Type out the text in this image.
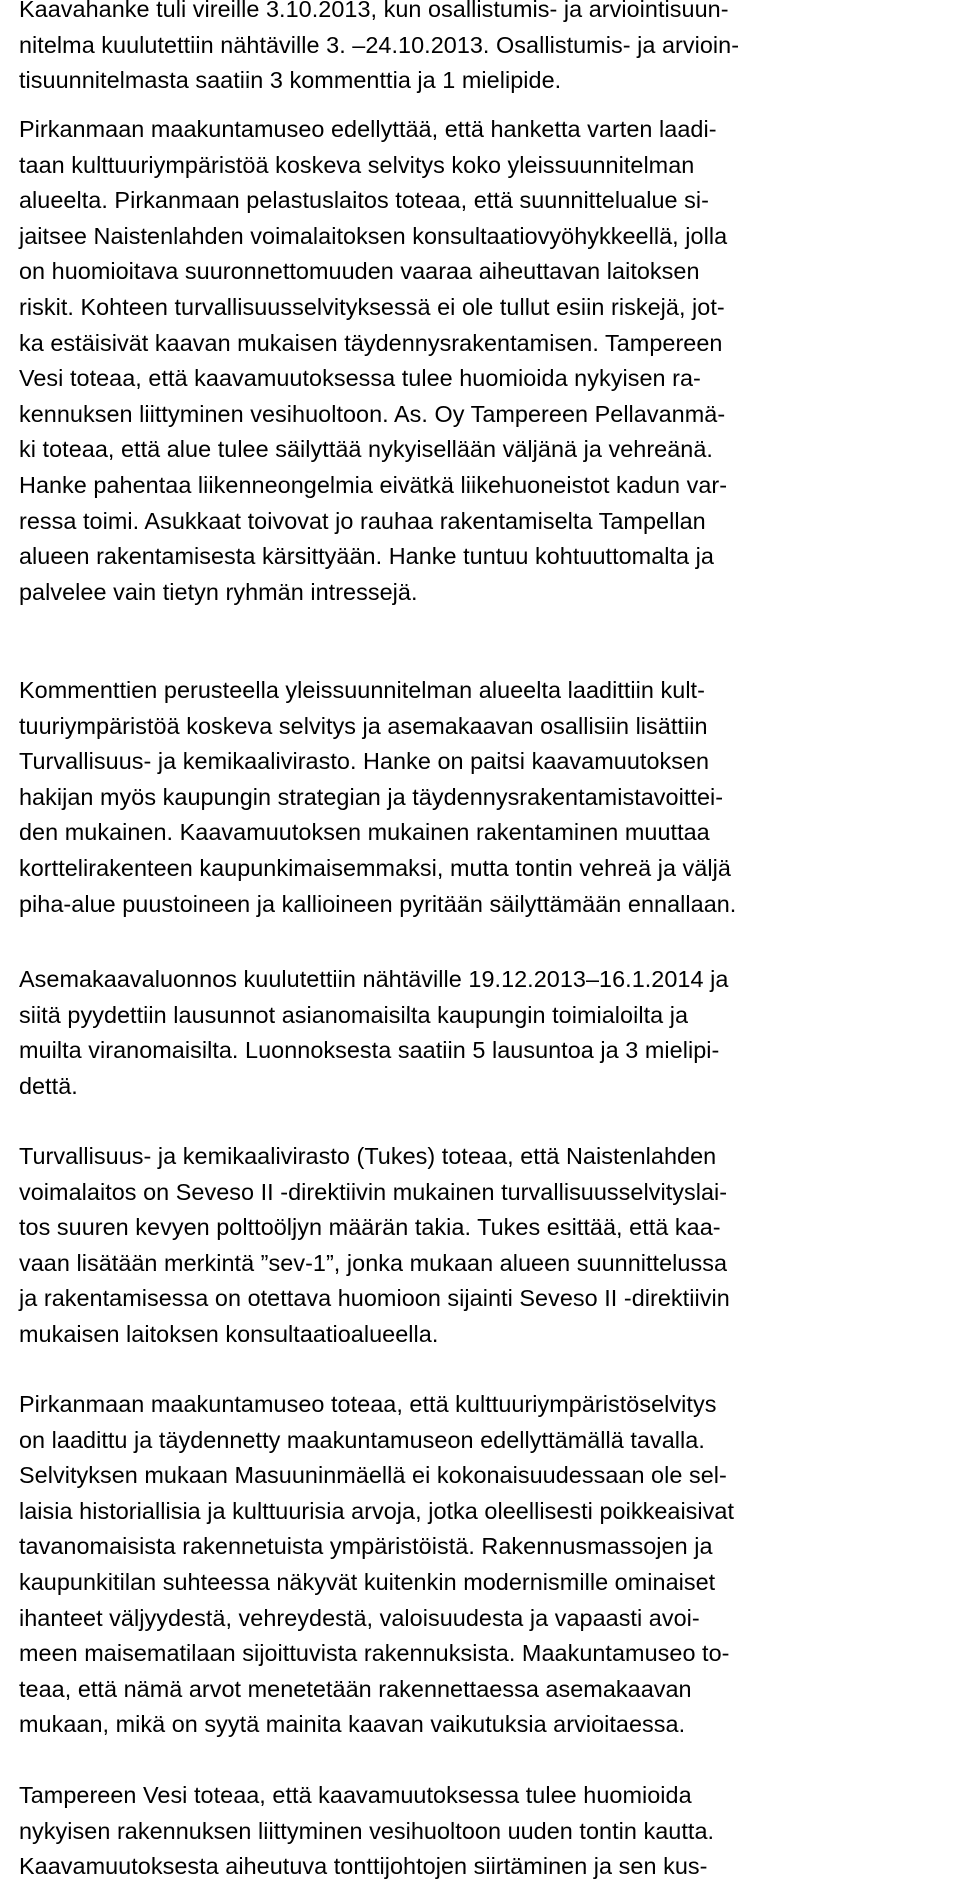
Kaavahanke tuli vireille 3.10.2013, kun osallistumis- ja arviointisuun-
nitelma kuulutettiin nähtäville 3. –24.10.2013. Osallistumis- ja arvioin-
tisuunnitelmasta saatiin 3 kommenttia ja 1 mielipide.

Pirkanmaan maakuntamuseo edellyttää, että hanketta varten laadi-
taan kulttuuriympäristöä koskeva selvitys koko yleissuunnitelman
alueelta. Pirkanmaan pelastuslaitos toteaa, että suunnittelualue si-
jaitsee Naistenlahden voimalaitoksen konsultaatiovyöhykkeellä, jolla
on huomioitava suuronnettomuuden vaaraa aiheuttavan laitoksen
riskit. Kohteen turvallisuusselvityksessä ei ole tullut esiin riskejä, jot-
ka estäisivät kaavan mukaisen täydennysrakentamisen. Tampereen
Vesi toteaa, että kaavamuutoksessa tulee huomioida nykyisen ra-
kennuksen liittyminen vesihuoltoon. As. Oy Tampereen Pellavanmä-
ki toteaa, että alue tulee säilyttää nykyisellään väljänä ja vehreänä.
Hanke pahentaa liikenneongelmia eivätkä liikehuoneistot kadun var-
ressa toimi. Asukkaat toivovat jo rauhaa rakentamiselta Tampellan
alueen rakentamisesta kärsittyään. Hanke tuntuu kohtuuttomalta ja
palvelee vain tietyn ryhmän intressejä.

Kommenttien perusteella yleissuunnitelman alueelta laadittiin kult-
tuuriympäristöä koskeva selvitys ja asemakaavan osallisiin lisättiin
Turvallisuus- ja kemikaalivirasto. Hanke on paitsi kaavamuutoksen
hakijan myös kaupungin strategian ja täydennysrakentamistavoittei-
den mukainen. Kaavamuutoksen mukainen rakentaminen muuttaa
korttelirakenteen kaupunkimaisemmaksi, mutta tontin vehreä ja väljä
piha-alue puustoineen ja kallioineen pyritään säilyttämään ennallaan.

Asemakaavaluonnos kuulutettiin nähtäville 19.12.2013–16.1.2014 ja
siitä pyydettiin lausunnot asianomaisilta kaupungin toimialoilta ja
muilta viranomaisilta. Luonnoksesta saatiin 5 lausuntoa ja 3 mielipi-
dettä.

Turvallisuus- ja kemikaalivirasto (Tukes) toteaa, että Naistenlahden
voimalaitos on Seveso II -direktiivin mukainen turvallisuusselvityslai-
tos suuren kevyen polttoöljyn määrän takia. Tukes esittää, että kaa-
vaan lisätään merkintä ”sev-1”, jonka mukaan alueen suunnittelussa
ja rakentamisessa on otettava huomioon sijainti Seveso II -direktiivin
mukaisen laitoksen konsultaatioalueella.

Pirkanmaan maakuntamuseo toteaa, että kulttuuriympäristöselvitys
on laadittu ja täydennetty maakuntamuseon edellyttämällä tavalla.
Selvityksen mukaan Masuuninmäellä ei kokonaisuudessaan ole sel-
laisia historiallisia ja kulttuurisia arvoja, jotka oleellisesti poikkeaisivat
tavanomaisista rakennetuista ympäristöistä. Rakennusmassojen ja
kaupunkitilan suhteessa näkyvät kuitenkin modernismille ominaiset
ihanteet väljyydestä, vehreydestä, valoisuudesta ja vapaasti avoi-
meen maisematilaan sijoittuvista rakennuksista. Maakuntamuseo to-
teaa, että nämä arvot menetetään rakennettaessa asemakaavan
mukaan, mikä on syytä mainita kaavan vaikutuksia arvioitaessa.

Tampereen Vesi toteaa, että kaavamuutoksessa tulee huomioida
nykyisen rakennuksen liittyminen vesihuoltoon uuden tontin kautta.
Kaavamuutoksesta aiheutuva tonttijohtojen siirtäminen ja sen kus-
